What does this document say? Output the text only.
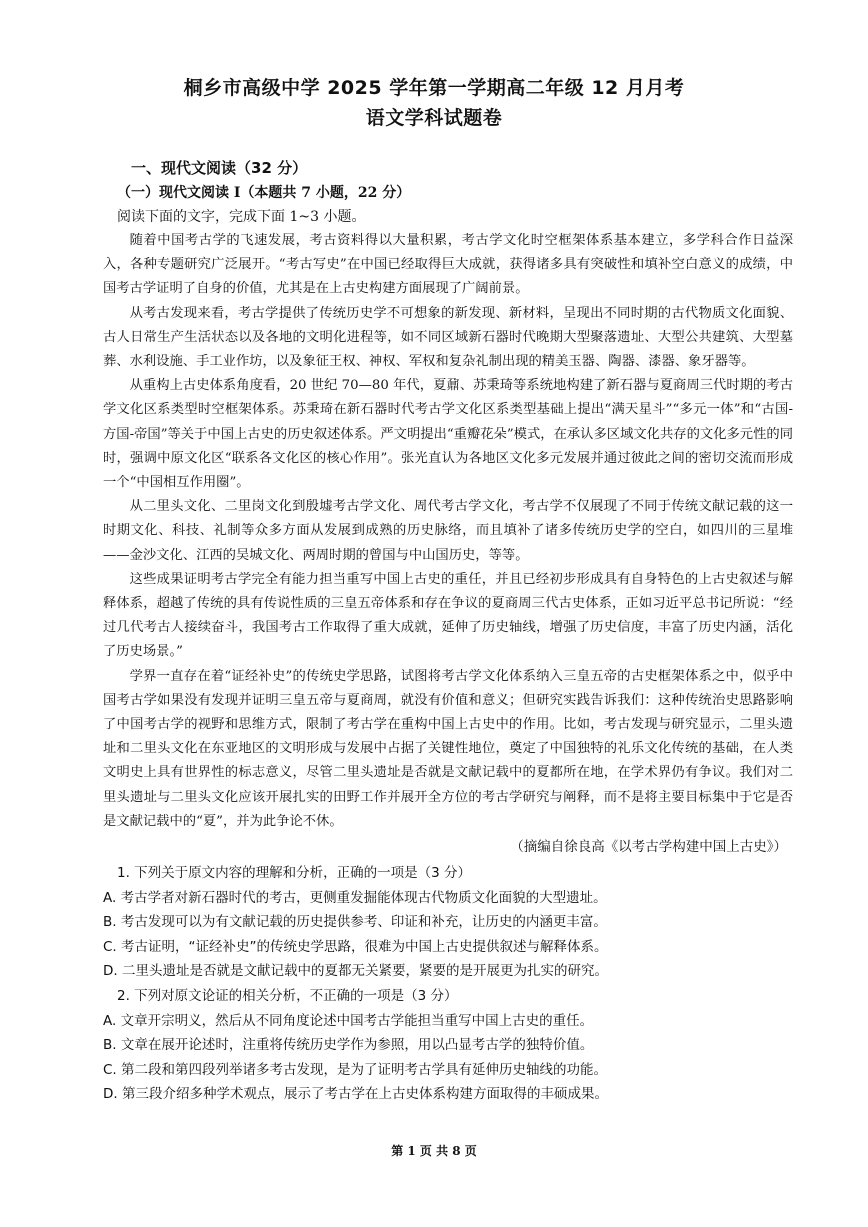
桐乡市高级中学 2025 学年第一学期高二年级 12 月月考
语文学科试题卷
一、现代文阅读（32 分）
（一）现代文阅读 I（本题共 7 小题，22 分）
阅读下面的文字，完成下面 1~3 小题。

随着中国考古学的飞速发展，考古资料得以大量积累，考古学文化时空框架体系基本建立，多学科合作日益深入，各种专题研究广泛展开。“考古写史”在中国已经取得巨大成就，获得诸多具有突破性和填补空白意义的成绩，中国考古学证明了自身的价值，尤其是在上古史构建方面展现了广阔前景。

从考古发现来看，考古学提供了传统历史学不可想象的新发现、新材料，呈现出不同时期的古代物质文化面貌、古人日常生产生活状态以及各地的文明化进程等，如不同区域新石器时代晚期大型聚落遗址、大型公共建筑、大型墓葬、水利设施、手工业作坊，以及象征王权、神权、军权和复杂礼制出现的精美玉器、陶器、漆器、象牙器等。

从重构上古史体系角度看，20 世纪 70—80 年代，夏鼐、苏秉琦等系统地构建了新石器与夏商周三代时期的考古学文化区系类型时空框架体系。苏秉琦在新石器时代考古学文化区系类型基础上提出“满天星斗”“多元一体”和“古国-方国-帝国”等关于中国上古史的历史叙述体系。严文明提出“重瓣花朵”模式，在承认多区域文化共存的文化多元性的同时，强调中原文化区“联系各文化区的核心作用”。张光直认为各地区文化多元发展并通过彼此之间的密切交流而形成一个“中国相互作用圈”。

从二里头文化、二里岗文化到殷墟考古学文化、周代考古学文化，考古学不仅展现了不同于传统文献记载的这一时期文化、科技、礼制等众多方面从发展到成熟的历史脉络，而且填补了诸多传统历史学的空白，如四川的三星堆——金沙文化、江西的吴城文化、两周时期的曾国与中山国历史，等等。

这些成果证明考古学完全有能力担当重写中国上古史的重任，并且已经初步形成具有自身特色的上古史叙述与解释体系，超越了传统的具有传说性质的三皇五帝体系和存在争议的夏商周三代古史体系，正如习近平总书记所说：“经过几代考古人接续奋斗，我国考古工作取得了重大成就，延伸了历史轴线，增强了历史信度，丰富了历史内涵，活化了历史场景。”

学界一直存在着“证经补史”的传统史学思路，试图将考古学文化体系纳入三皇五帝的古史框架体系之中，似乎中国考古学如果没有发现并证明三皇五帝与夏商周，就没有价值和意义；但研究实践告诉我们：这种传统治史思路影响了中国考古学的视野和思维方式，限制了考古学在重构中国上古史中的作用。比如，考古发现与研究显示，二里头遗址和二里头文化在东亚地区的文明形成与发展中占据了关键性地位，奠定了中国独特的礼乐文化传统的基础，在人类文明史上具有世界性的标志意义，尽管二里头遗址是否就是文献记载中的夏都所在地，在学术界仍有争议。我们对二里头遗址与二里头文化应该开展扎实的田野工作并展开全方位的考古学研究与阐释，而不是将主要目标集中于它是否是文献记载中的“夏”，并为此争论不休。

（摘编自徐良高《以考古学构建中国上古史》）
1. 下列关于原文内容的理解和分析，正确的一项是（3 分）
A. 考古学者对新石器时代的考古，更侧重发掘能体现古代物质文化面貌的大型遗址。
B. 考古发现可以为有文献记载的历史提供参考、印证和补充，让历史的内涵更丰富。
C. 考古证明，“证经补史”的传统史学思路，很难为中国上古史提供叙述与解释体系。
D. 二里头遗址是否就是文献记载中的夏都无关紧要，紧要的是开展更为扎实的研究。
2. 下列对原文论证的相关分析，不正确的一项是（3 分）
A. 文章开宗明义，然后从不同角度论述中国考古学能担当重写中国上古史的重任。
B. 文章在展开论述时，注重将传统历史学作为参照，用以凸显考古学的独特价值。
C. 第二段和第四段列举诸多考古发现，是为了证明考古学具有延伸历史轴线的功能。
D. 第三段介绍多种学术观点，展示了考古学在上古史体系构建方面取得的丰硕成果。
第 1 页 共 8 页
